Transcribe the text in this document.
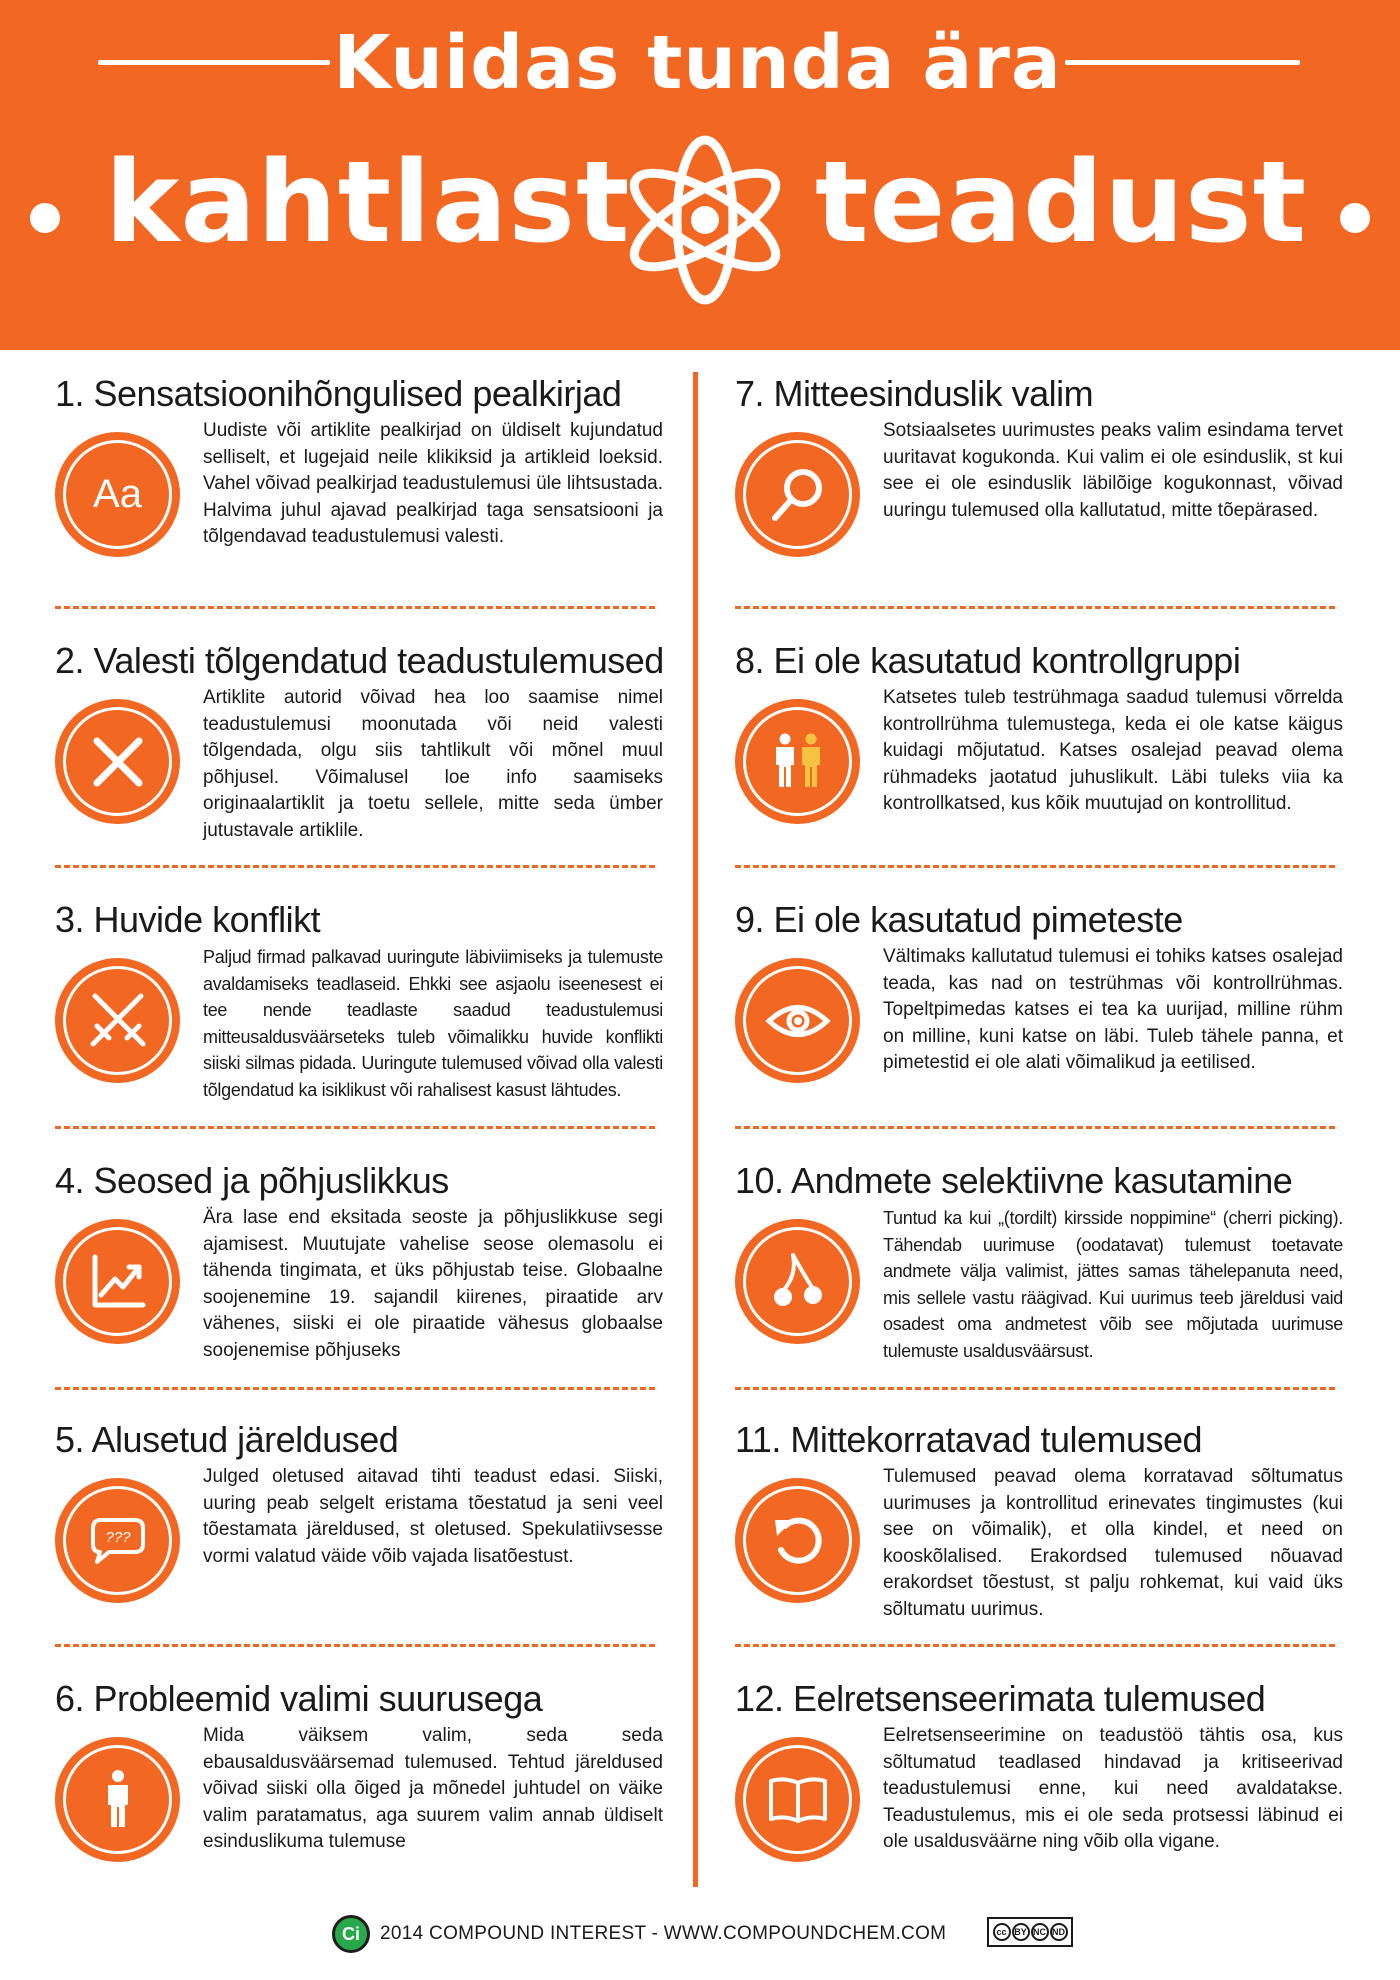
Kuidas tunda ära
kahtlast teadust
1. Sensatsioonihõngulised pealkirjad
Aa
Uudiste või artiklite pealkirjad on üldiselt kujundatud selliselt, et lugejaid neile klikiksid ja artikleid loeksid. Vahel võivad pealkirjad teadustulemusi üle lihtsustada. Halvima juhul ajavad pealkirjad taga sensatsiooni ja tõlgendavad teadustulemusi valesti.
2. Valesti tõlgendatud teadustulemused
Artiklite autorid võivad hea loo saamise nimel teadustulemusi moonutada või neid valesti tõlgendada, olgu siis tahtlikult või mõnel muul põhjusel. Võimalusel loe info saamiseks originaalartiklit ja toetu sellele, mitte seda ümber jutustavale artiklile.
3. Huvide konflikt
Paljud firmad palkavad uuringute läbiviimiseks ja tulemuste avaldamiseks teadlaseid. Ehkki see asjaolu iseenesest ei tee nende teadlaste saadud teadustulemusi mitteusaldusväärseteks tuleb võimalikku huvide konflikti siiski silmas pidada. Uuringute tulemused võivad olla valesti tõlgendatud ka isiklikust või rahalisest kasust lähtudes.
4. Seosed ja põhjuslikkus
Ära lase end eksitada seoste ja põhjuslikkuse segi ajamisest. Muutujate vahelise seose olemasolu ei tähenda tingimata, et üks põhjustab teise. Globaalne soojenemine 19. sajandil kiirenes, piraatide arv vähenes, siiski ei ole piraatide vähesus globaalse soojenemise põhjuseks
5. Alusetud järeldused
???
Julged oletused aitavad tihti teadust edasi. Siiski, uuring peab selgelt eristama tõestatud ja seni veel tõestamata järeldused, st oletused. Spekulatiivsesse vormi valatud väide võib vajada lisatõestust.
6. Probleemid valimi suurusega
Mida väiksem valim, seda seda ebausaldusväärsemad tulemused. Tehtud järeldused võivad siiski olla õiged ja mõnedel juhtudel on väike valim paratamatus, aga suurem valim annab üldiselt esinduslikuma tulemuse
7. Mitteesinduslik valim
Sotsiaalsetes uurimustes peaks valim esindama tervet uuritavat kogukonda. Kui valim ei ole esinduslik, st kui see ei ole esinduslik läbilõige kogukonnast, võivad uuringu tulemused olla kallutatud, mitte tõepärased.
8. Ei ole kasutatud kontrollgruppi
Katsetes tuleb testrühmaga saadud tulemusi võrrelda kontrollrühma tulemustega, keda ei ole katse käigus kuidagi mõjutatud. Katses osalejad peavad olema rühmadeks jaotatud juhuslikult. Läbi tuleks viia ka kontrollkatsed, kus kõik muutujad on kontrollitud.
9. Ei ole kasutatud pimeteste
Vältimaks kallutatud tulemusi ei tohiks katses osalejad teada, kas nad on testrühmas või kontrollrühmas. Topeltpimedas katses ei tea ka uurijad, milline rühm on milline, kuni katse on läbi. Tuleb tähele panna, et pimetestid ei ole alati võimalikud ja eetilised.
10. Andmete selektiivne kasutamine
Tuntud ka kui „(tordilt) kirsside noppimine“ (cherri picking). Tähendab uurimuse (oodatavat) tulemust toetavate andmete välja valimist, jättes samas tähelepanuta need, mis sellele vastu räägivad. Kui uurimus teeb järeldusi vaid osadest oma andmetest võib see mõjutada uurimuse tulemuste usaldusväärsust.
11. Mittekorratavad tulemused
Tulemused peavad olema korratavad sõltumatus uurimuses ja kontrollitud erinevates tingimustes (kui see on võimalik), et olla kindel, et need on kooskõlalised. Erakordsed tulemused nõuavad erakordset tõestust, st palju rohkemat, kui vaid üks sõltumatu uurimus.
12. Eelretsenseerimata tulemused
Eelretsenseerimine on teadustöö tähtis osa, kus sõltumatud teadlased hindavad ja kritiseerivad teadustulemusi enne, kui need avaldatakse. Teadustulemus, mis ei ole seda protsessi läbinud ei ole usaldusväärne ning võib olla vigane.
Ci	2014 COMPOUND INTEREST - WWW.COMPOUNDCHEM.COM	cc BY NC ND
